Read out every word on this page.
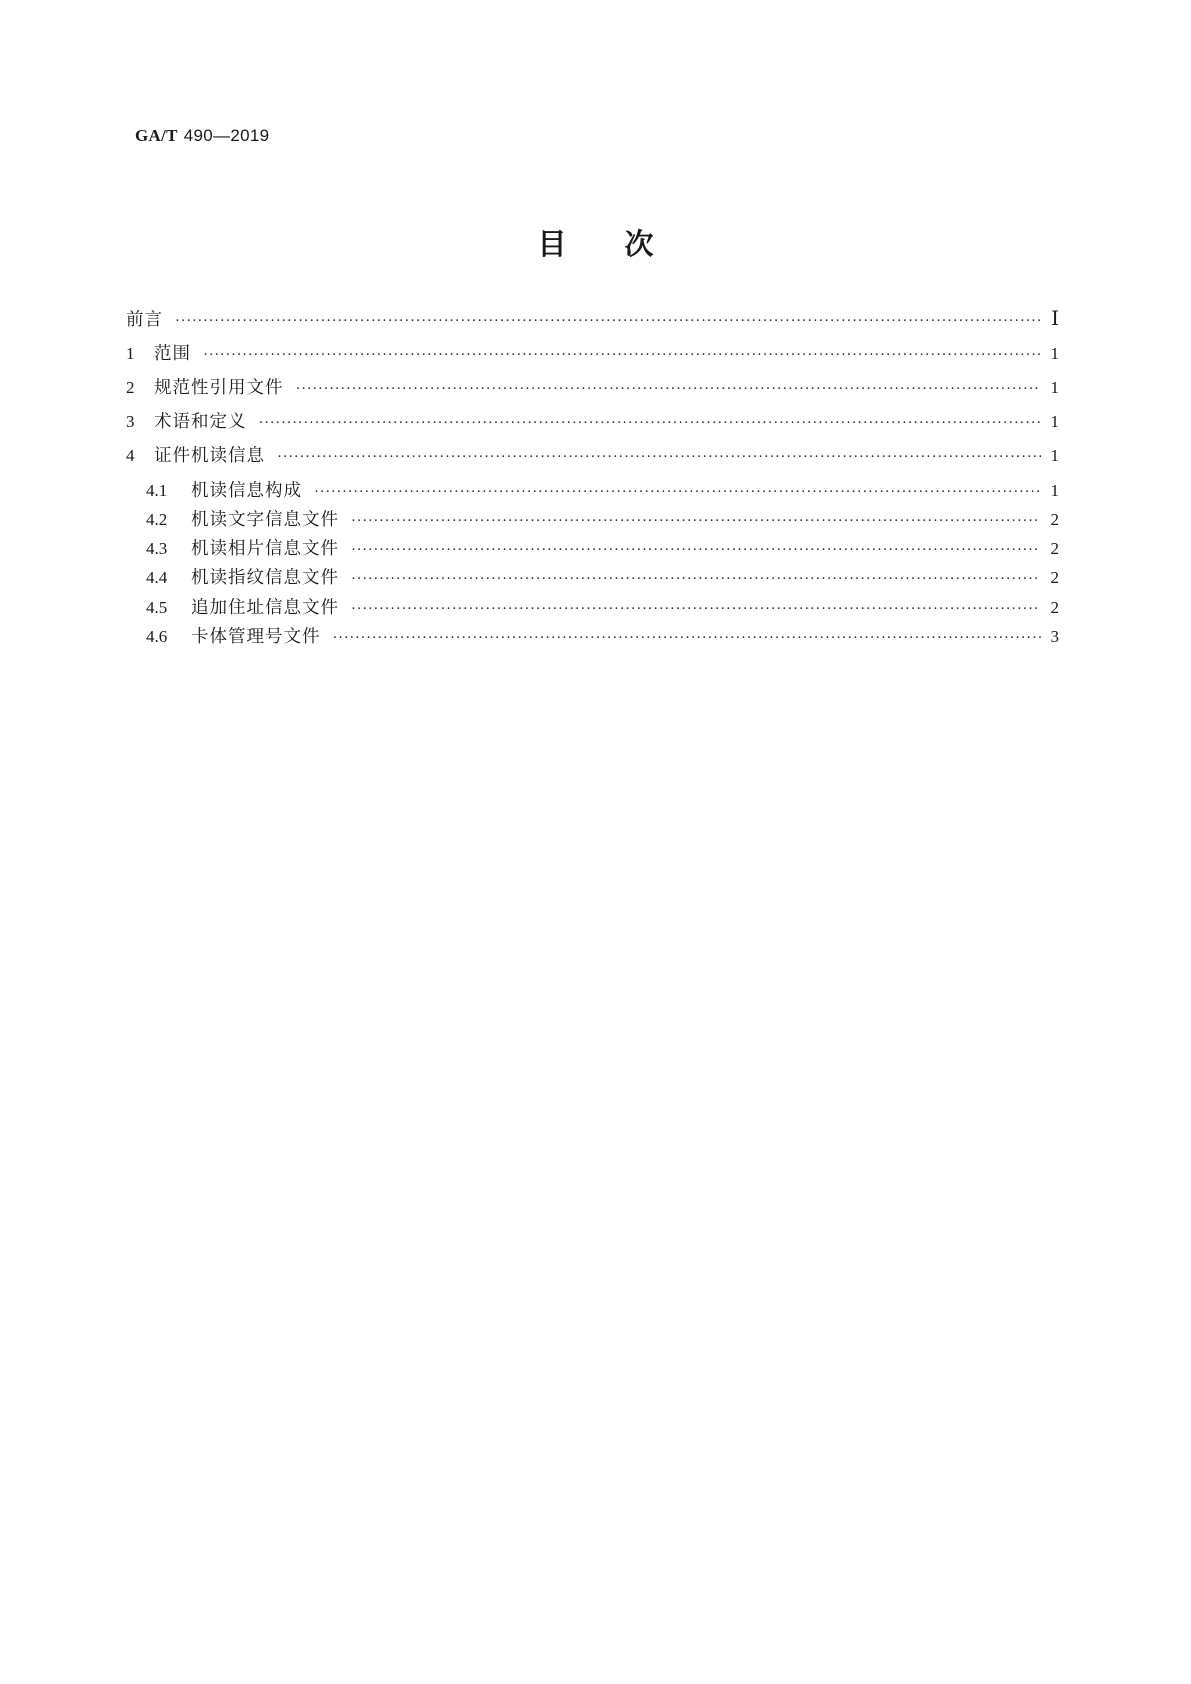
GA/T 490—2019
目次
前言 ·····	Ⅰ
1 范围 ·····	1
2 规范性引用文件 ·····	1
3 术语和定义 ·····	1
4 证件机读信息 ·····	1
4.1 机读信息构成 ·····	1
4.2 机读文字信息文件 ·····	2
4.3 机读相片信息文件 ·····	2
4.4 机读指纹信息文件 ·····	2
4.5 追加住址信息文件 ·····	2
4.6 卡体管理号文件 ·····	3
